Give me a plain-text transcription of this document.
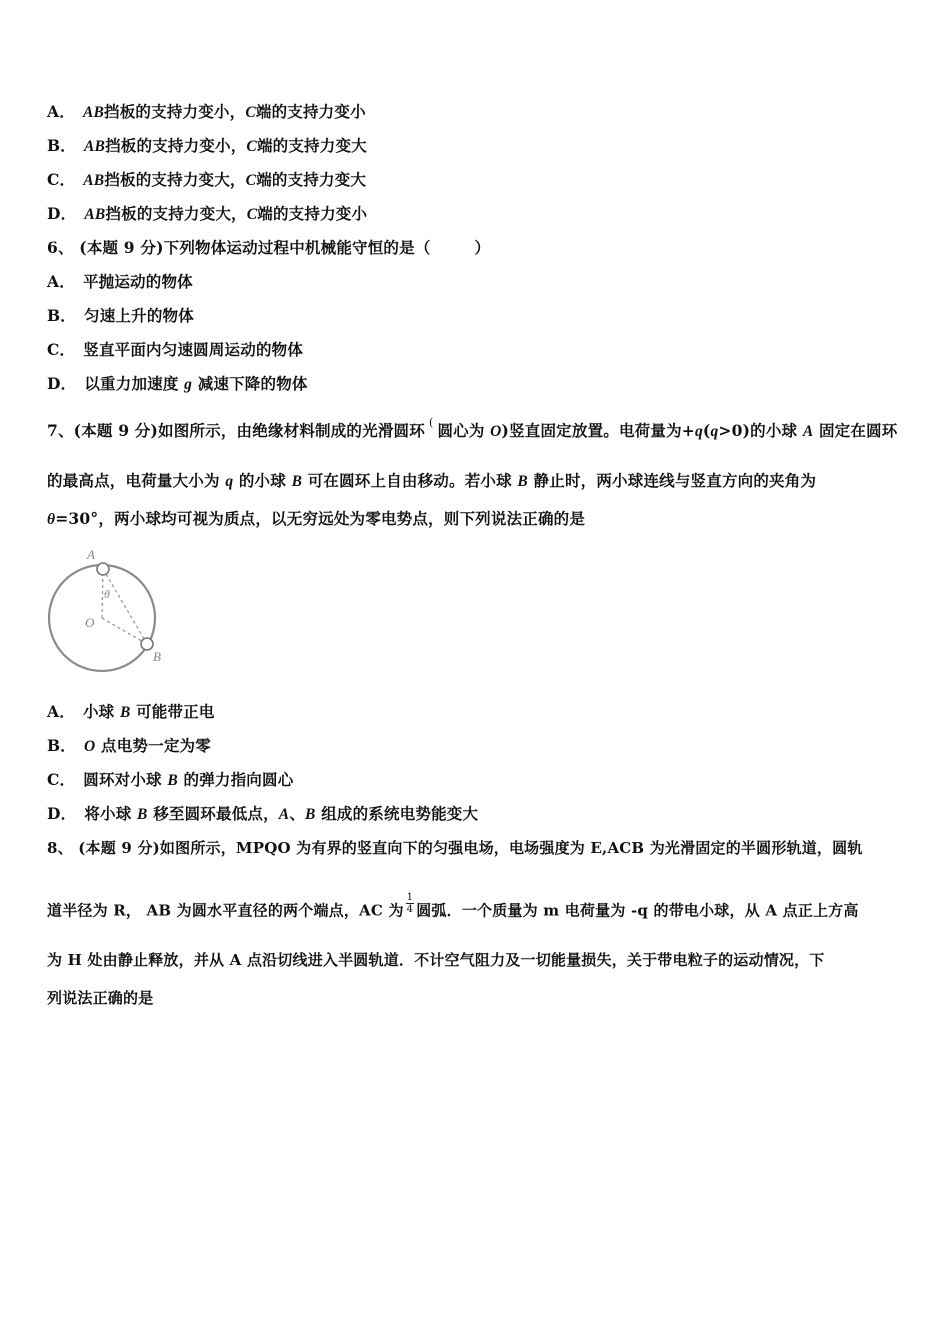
A． AB挡板的支持力变小，C端的支持力变小
B． AB挡板的支持力变小，C端的支持力变大
C． AB挡板的支持力变大，C端的支持力变大
D． AB挡板的支持力变大，C端的支持力变小
6、 (本题 9 分)下列物体运动过程中机械能守恒的是（	）
A． 平抛运动的物体
B． 匀速上升的物体
C． 竖直平面内匀速圆周运动的物体
D． 以重力加速度 g 减速下降的物体
7、(本题 9 分)如图所示，由绝缘材料制成的光滑圆环 ( 圆心为 O)竖直固定放置。电荷量为+q(q>0)的小球 A 固定在圆环
的最高点，电荷量大小为 q 的小球 B 可在圆环上自由移动。若小球 B 静止时，两小球连线与竖直方向的夹角为
θ=30°，两小球均可视为质点，以无穷远处为零电势点，则下列说法正确的是
A
B
O
θ
A． 小球 B 可能带正电
B． O 点电势一定为零
C． 圆环对小球 B 的弹力指向圆心
D． 将小球 B 移至圆环最低点，A、B 组成的系统电势能变大
8、 (本题 9 分)如图所示，MPQO 为有界的竖直向下的匀强电场，电场强度为 E,ACB 为光滑固定的半圆形轨道，圆轨
道半径为 R， AB 为圆水平直径的两个端点，AC 为 $\frac{1}{4}$ 圆弧．一个质量为 m 电荷量为 -q 的带电小球，从 A 点正上方高
为 H 处由静止释放，并从 A 点沿切线进入半圆轨道．不计空气阻力及一切能量损失，关于带电粒子的运动情况，下
列说法正确的是
